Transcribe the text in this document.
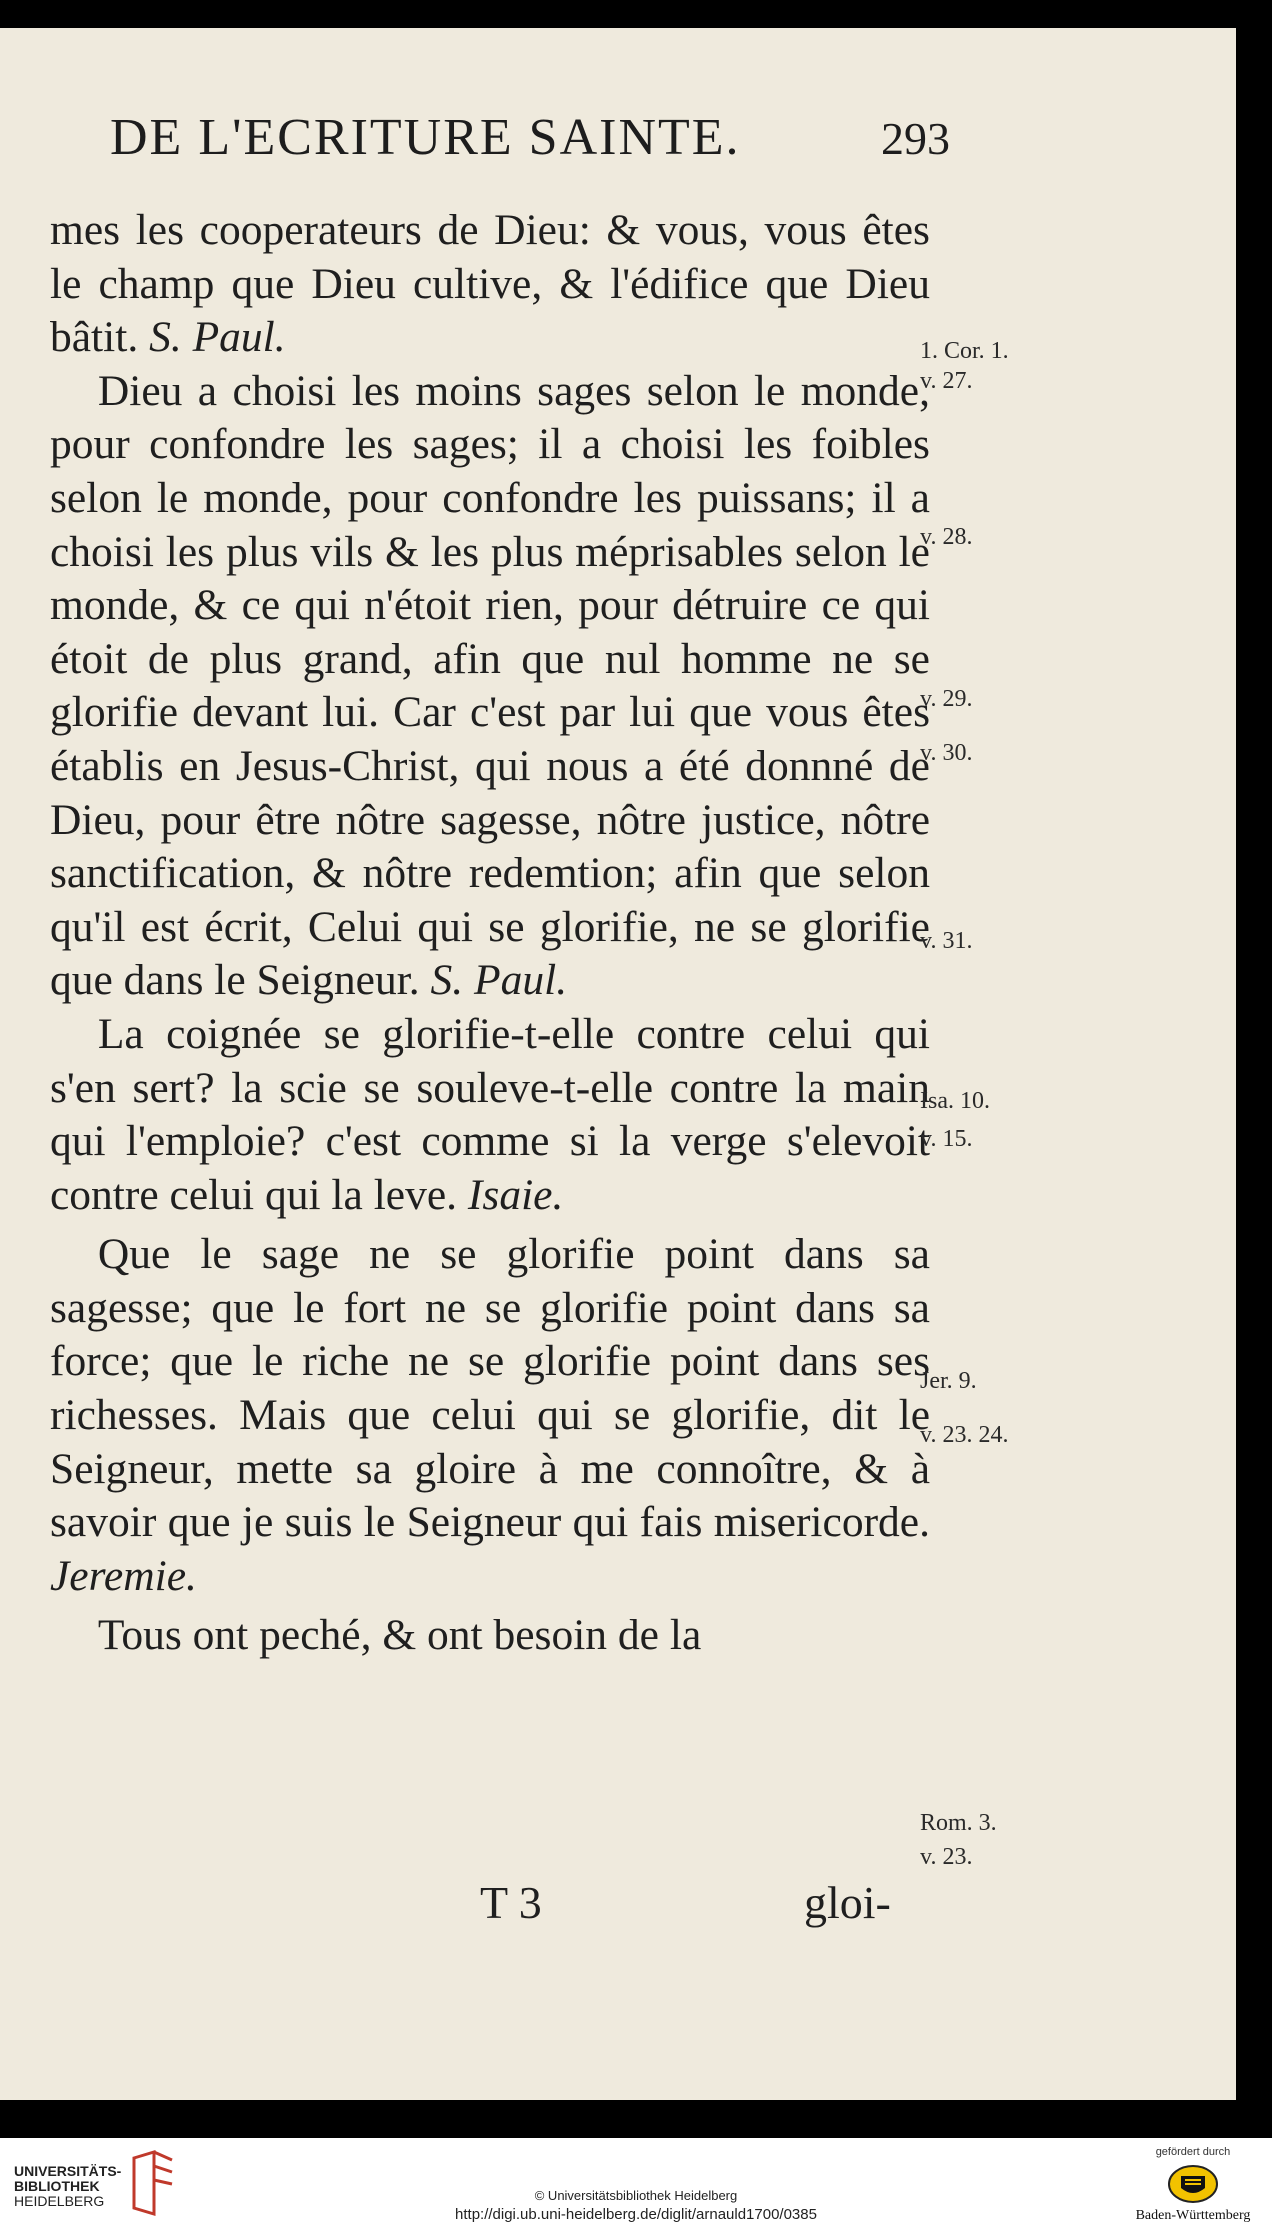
DE L'ECRITURE SAINTE.	293

mes les cooperateurs de Dieu: & vous, vous êtes le champ que Dieu cultive, & l'édifice que Dieu bâtit. S. Paul.

Dieu a choisi les moins sages selon le monde, pour confondre les sages; il a choisi les foibles selon le monde, pour confondre les puissans; il a choisi les plus vils & les plus méprisables selon le monde, & ce qui n'étoit rien, pour détruire ce qui étoit de plus grand, afin que nul homme ne se glorifie devant lui. Car c'est par lui que vous êtes établis en Jesus-Christ, qui nous a été donnné de Dieu, pour être nôtre sagesse, nôtre justice, nôtre sanctification, & nôtre redemtion; afin que selon qu'il est écrit, Celui qui se glorifie, ne se glorifie que dans le Seigneur. S. Paul.

La coignée se glorifie-t-elle contre celui qui s'en sert? la scie se souleve-t-elle contre la main qui l'emploie? c'est comme si la verge s'elevoit contre celui qui la leve. Isaie.

Que le sage ne se glorifie point dans sa sagesse; que le fort ne se glorifie point dans sa force; que le riche ne se glorifie point dans ses richesses. Mais que celui qui se glorifie, dit le Seigneur, mette sa gloire à me connoître, & à savoir que je suis le Seigneur qui fais misericorde. Jeremie.

Tous ont peché, & ont besoin de la

1. Cor. 1.
v. 27.
v. 28.
v. 29.
v. 30.
v. 31.
Isa. 10.
v. 15.
Jer. 9.
v. 23. 24.
Rom. 3.
v. 23.
T 3	gloi-
UNIVERSITÄTS-
BIBLIOTHEK
HEIDELBERG	© Universitätsbibliothek Heidelberg
http://digi.ub.uni-heidelberg.de/diglit/arnauld1700/0385
gefördert durch
Baden-Württemberg
